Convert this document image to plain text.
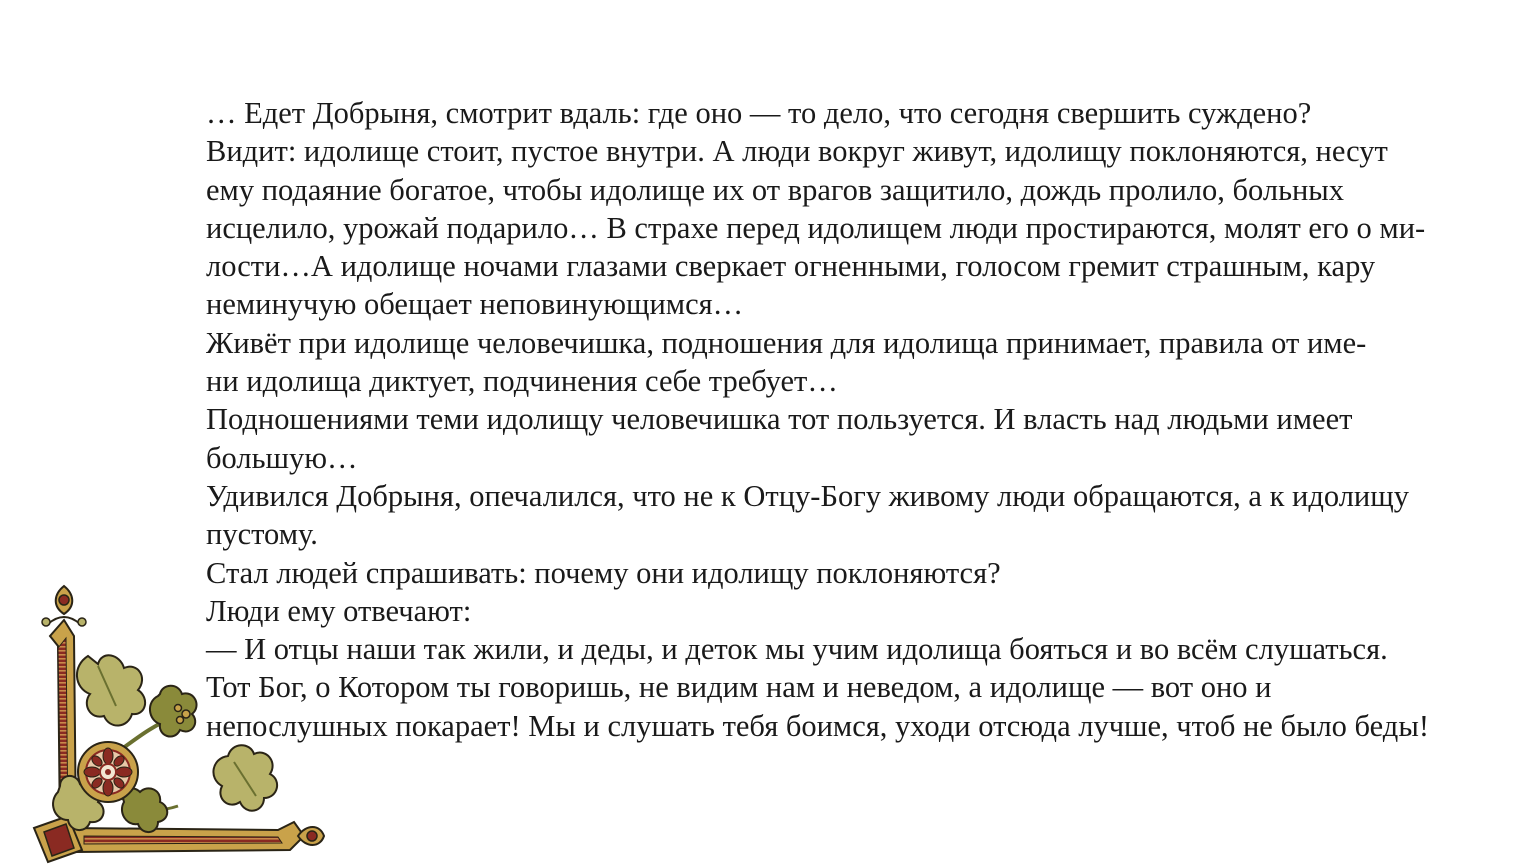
… Едет Добрыня, смотрит вдаль: где оно — то дело, что сегодня свершить суждено?
Видит: идолище стоит, пустое внутри. А люди вокруг живут, идолищу поклоняются, несут
ему подаяние богатое, чтобы идолище их от врагов защитило, дождь пролило, больных
исцелило, урожай подарило… В страхе перед идолищем люди простираются, молят его о ми-
лости…А идолище ночами глазами сверкает огненными, голосом гремит страшным, кару
неминучую обещает неповинующимся…
Живёт при идолище человечишка, подношения для идолища принимает, правила от име-
ни идолища диктует, подчинения себе требует…
Подношениями теми идолищу человечишка тот пользуется. И власть над людьми имеет
большую…
Удивился Добрыня, опечалился, что не к Отцу-Богу живому люди обращаются, а к идолищу
пустому.
Стал людей спрашивать: почему они идолищу поклоняются?
Люди ему отвечают:
— И отцы наши так жили, и деды, и деток мы учим идолища бояться и во всём слушаться.
Тот Бог, о Котором ты говоришь, не видим нам и неведом, а идолище — вот оно и
непослушных покарает! Мы и слушать тебя боимся, уходи отсюда лучше, чтоб не было беды!
